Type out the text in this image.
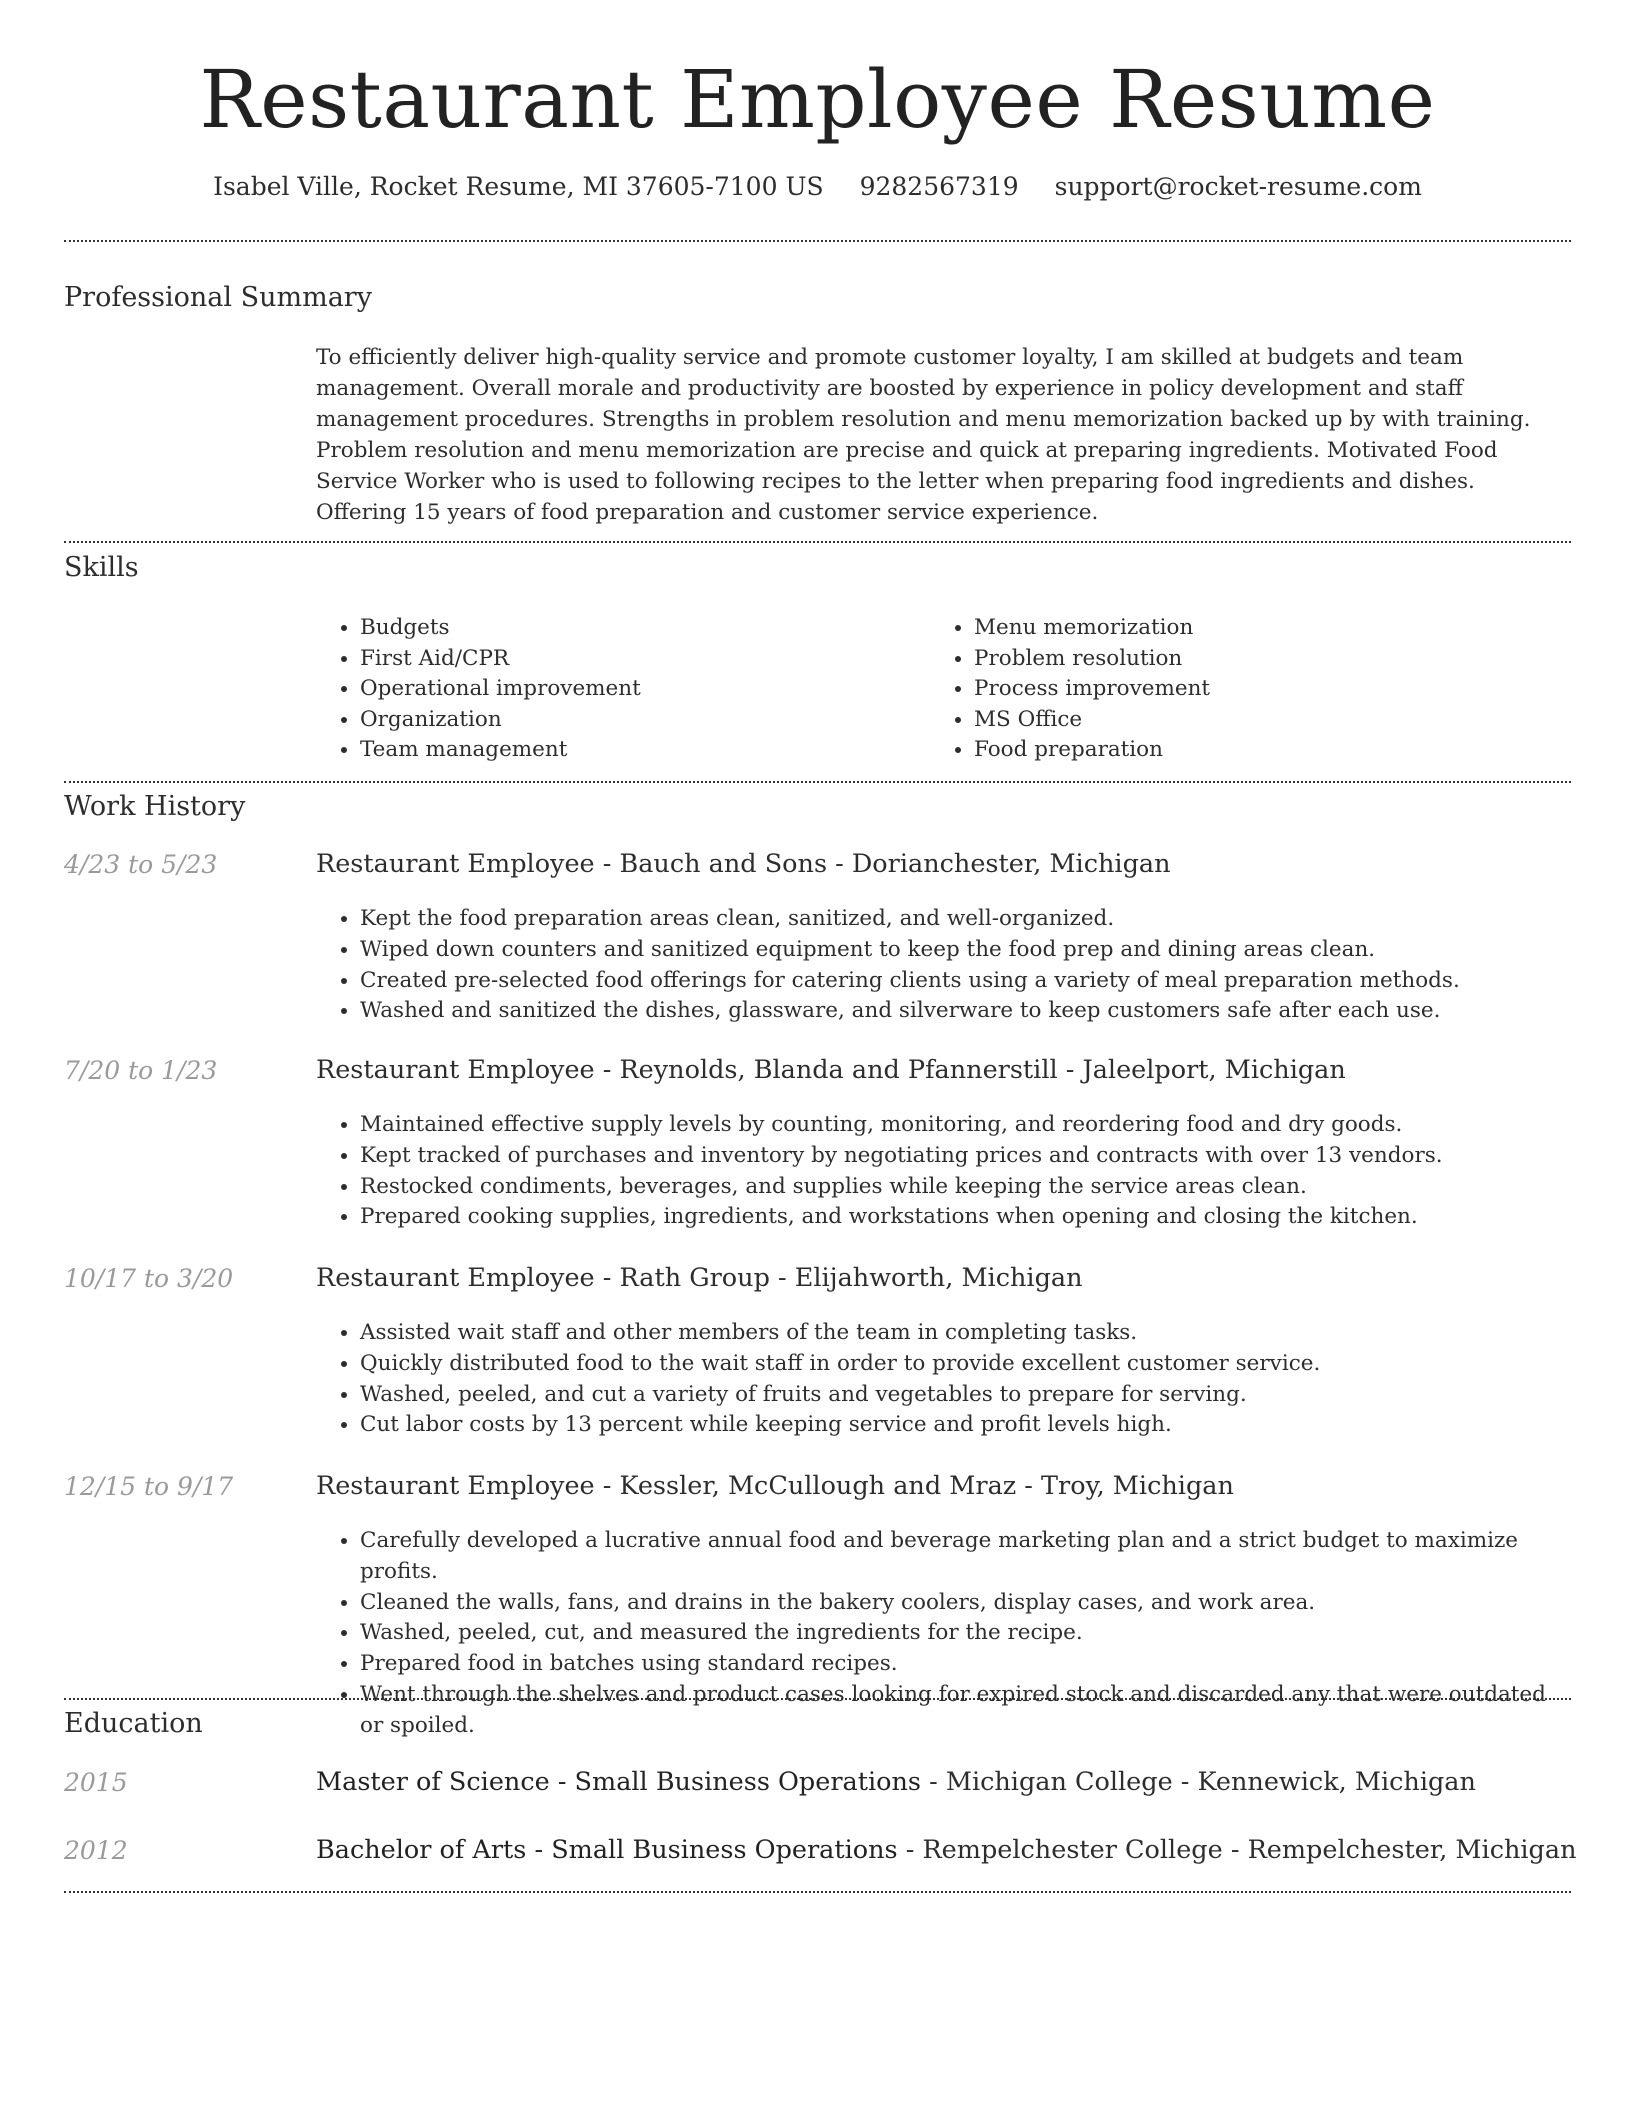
Restaurant Employee Resume
Isabel Ville, Rocket Resume, MI 37605-7100 US 9282567319 support@rocket-resume.com
Professional Summary
To efficiently deliver high-quality service and promote customer loyalty, I am skilled at budgets and team management. Overall morale and productivity are boosted by experience in policy development and staff management procedures. Strengths in problem resolution and menu memorization backed up by with training. Problem resolution and menu memorization are precise and quick at preparing ingredients. Motivated Food Service Worker who is used to following recipes to the letter when preparing food ingredients and dishes. Offering 15 years of food preparation and customer service experience.
Skills
• Budgets
• First Aid/CPR
• Operational improvement
• Organization
• Team management
• Menu memorization
• Problem resolution
• Process improvement
• MS Office
• Food preparation
Work History
4/23 to 5/23	Restaurant Employee - Bauch and Sons - Dorianchester, Michigan
• Kept the food preparation areas clean, sanitized, and well-organized.
• Wiped down counters and sanitized equipment to keep the food prep and dining areas clean.
• Created pre-selected food offerings for catering clients using a variety of meal preparation methods.
• Washed and sanitized the dishes, glassware, and silverware to keep customers safe after each use.
7/20 to 1/23	Restaurant Employee - Reynolds, Blanda and Pfannerstill - Jaleelport, Michigan
• Maintained effective supply levels by counting, monitoring, and reordering food and dry goods.
• Kept tracked of purchases and inventory by negotiating prices and contracts with over 13 vendors.
• Restocked condiments, beverages, and supplies while keeping the service areas clean.
• Prepared cooking supplies, ingredients, and workstations when opening and closing the kitchen.
10/17 to 3/20	Restaurant Employee - Rath Group - Elijahworth, Michigan
• Assisted wait staff and other members of the team in completing tasks.
• Quickly distributed food to the wait staff in order to provide excellent customer service.
• Washed, peeled, and cut a variety of fruits and vegetables to prepare for serving.
• Cut labor costs by 13 percent while keeping service and profit levels high.
12/15 to 9/17	Restaurant Employee - Kessler, McCullough and Mraz - Troy, Michigan
• Carefully developed a lucrative annual food and beverage marketing plan and a strict budget to maximize profits.
• Cleaned the walls, fans, and drains in the bakery coolers, display cases, and work area.
• Washed, peeled, cut, and measured the ingredients for the recipe.
• Prepared food in batches using standard recipes.
• Went through the shelves and product cases looking for expired stock and discarded any that were outdated or spoiled.
Education
2015	Master of Science - Small Business Operations - Michigan College - Kennewick, Michigan
2012	Bachelor of Arts - Small Business Operations - Rempelchester College - Rempelchester, Michigan
